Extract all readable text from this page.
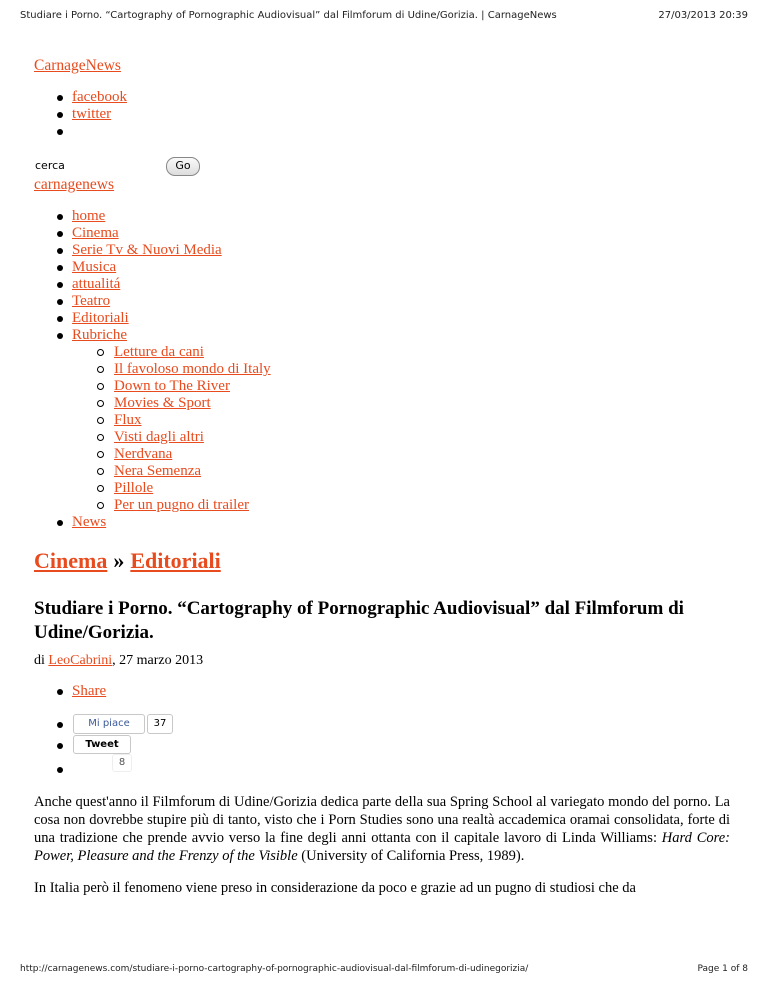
Studiare i Porno. “Cartography of Pornographic Audiovisual” dal Filmforum di Udine/Gorizia. | CarnageNews	27/03/2013 20:39
CarnageNews
facebook
twitter
cerca	Go
carnagenews
home
Cinema
Serie Tv & Nuovi Media
Musica
attualitá
Teatro
Editoriali
Rubriche
Letture da cani
Il favoloso mondo di Italy
Down to The River
Movies & Sport
Flux
Visti dagli altri
Nerdvana
Nera Semenza
Pillole
Per un pugno di trailer
News
Cinema » Editoriali
Studiare i Porno. “Cartography of Pornographic Audiovisual” dal Filmforum di Udine/Gorizia.
di LeoCabrini, 27 marzo 2013
Share
Mi piace	37
Tweet
8

Anche quest'anno il Filmforum di Udine/Gorizia dedica parte della sua Spring School al variegato mondo del porno. La cosa non dovrebbe stupire più di tanto, visto che i Porn Studies sono una realtà accademica oramai consolidata, forte di una tradizione che prende avvio verso la fine degli anni ottanta con il capitale lavoro di Linda Williams: Hard Core: Power, Pleasure and the Frenzy of the Visible (University of California Press, 1989).

In Italia però il fenomeno viene preso in considerazione da poco e grazie ad un pugno di studiosi che da

http://carnagenews.com/studiare-i-porno-cartography-of-pornographic-audiovisual-dal-filmforum-di-udinegorizia/	Page 1 of 8
